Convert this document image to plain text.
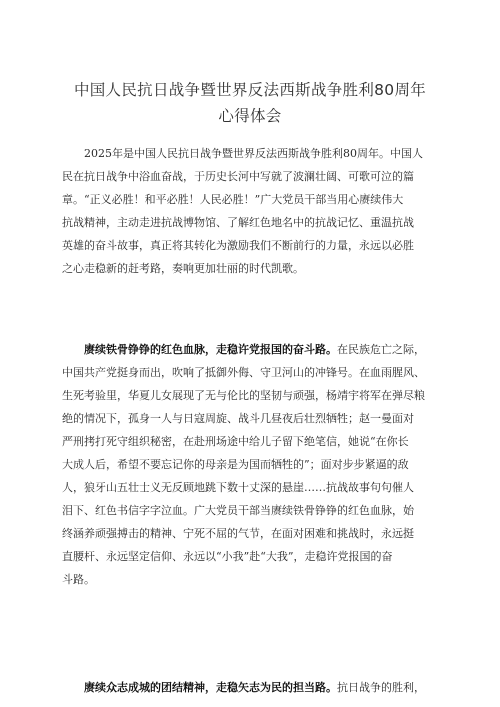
中国人民抗日战争暨世界反法西斯战争胜利80周年
心得体会
2025年是中国人民抗日战争暨世界反法西斯战争胜利80周年。中国人
民在抗日战争中浴血奋战，于历史长河中写就了波澜壮阔、可歌可泣的篇
章。“正义必胜！和平必胜！人民必胜！”广大党员干部当用心赓续伟大
抗战精神，主动走进抗战博物馆、了解红色地名中的抗战记忆、重温抗战
英雄的奋斗故事，真正将其转化为激励我们不断前行的力量，永远以必胜
之心走稳新的赶考路，奏响更加壮丽的时代凯歌。
赓续铁骨铮铮的红色血脉，走稳许党报国的奋斗路。在民族危亡之际，
中国共产党挺身而出，吹响了抵御外侮、守卫河山的冲锋号。在血雨腥风、
生死考验里，华夏儿女展现了无与伦比的坚韧与顽强，杨靖宇将军在弹尽粮
绝的情况下，孤身一人与日寇周旋、战斗几昼夜后壮烈牺牲；赵一曼面对
严刑拷打死守组织秘密，在赴刑场途中给儿子留下绝笔信，她说“在你长
大成人后，希望不要忘记你的母亲是为国而牺牲的”；面对步步紧逼的敌
人，狼牙山五壮士义无反顾地跳下数十丈深的悬崖……抗战故事句句催人
泪下、红色书信字字泣血。广大党员干部当赓续铁骨铮铮的红色血脉，始
终涵养顽强搏击的精神、宁死不屈的气节，在面对困难和挑战时，永远挺
直腰杆、永远坚定信仰、永远以“小我”赴“大我”，走稳许党报国的奋
斗路。
赓续众志成城的团结精神，走稳矢志为民的担当路。抗日战争的胜利，
